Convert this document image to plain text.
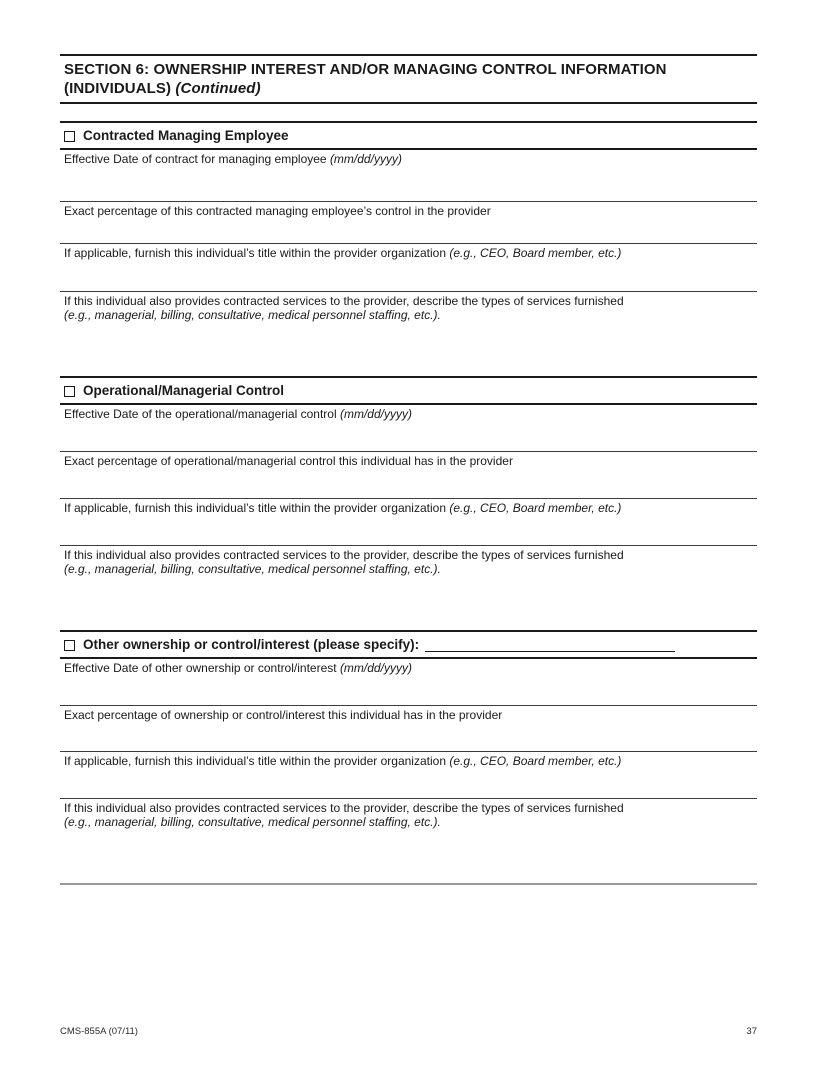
SECTION 6: OWNERSHIP INTEREST AND/OR MANAGING CONTROL INFORMATION
(INDIVIDUALS) (Continued)
Contracted Managing Employee
Effective Date of contract for managing employee (mm/dd/yyyy)
Exact percentage of this contracted managing employee’s control in the provider
If applicable, furnish this individual’s title within the provider organization (e.g., CEO, Board member, etc.)
If this individual also provides contracted services to the provider, describe the types of services furnished
(e.g., managerial, billing, consultative, medical personnel staffing, etc.).
Operational/Managerial Control
Effective Date of the operational/managerial control (mm/dd/yyyy)
Exact percentage of operational/managerial control this individual has in the provider
If applicable, furnish this individual’s title within the provider organization (e.g., CEO, Board member, etc.)
If this individual also provides contracted services to the provider, describe the types of services furnished
(e.g., managerial, billing, consultative, medical personnel staffing, etc.).
Other ownership or control/interest (please specify):
Effective Date of other ownership or control/interest (mm/dd/yyyy)
Exact percentage of ownership or control/interest this individual has in the provider
If applicable, furnish this individual’s title within the provider organization (e.g., CEO, Board member, etc.)
If this individual also provides contracted services to the provider, describe the types of services furnished
(e.g., managerial, billing, consultative, medical personnel staffing, etc.).
CMS-855A (07/11)	37
